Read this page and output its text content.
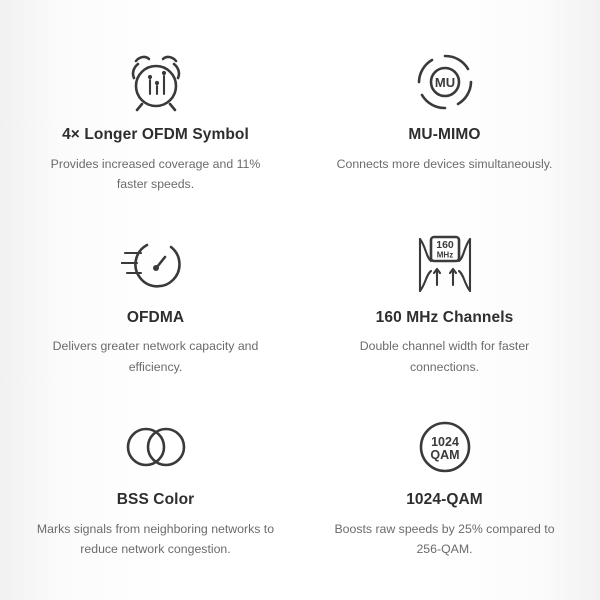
4× Longer OFDM Symbol
Provides increased coverage and 11% faster speeds.
MU
MU-MIMO
Connects more devices simultaneously.
OFDMA
Delivers greater network capacity and efficiency.
160
MHz
160 MHz Channels
Double channel width for faster connections.
BSS Color
Marks signals from neighboring networks to reduce network congestion.
1024
QAM
1024-QAM
Boosts raw speeds by 25% compared to 256-QAM.
